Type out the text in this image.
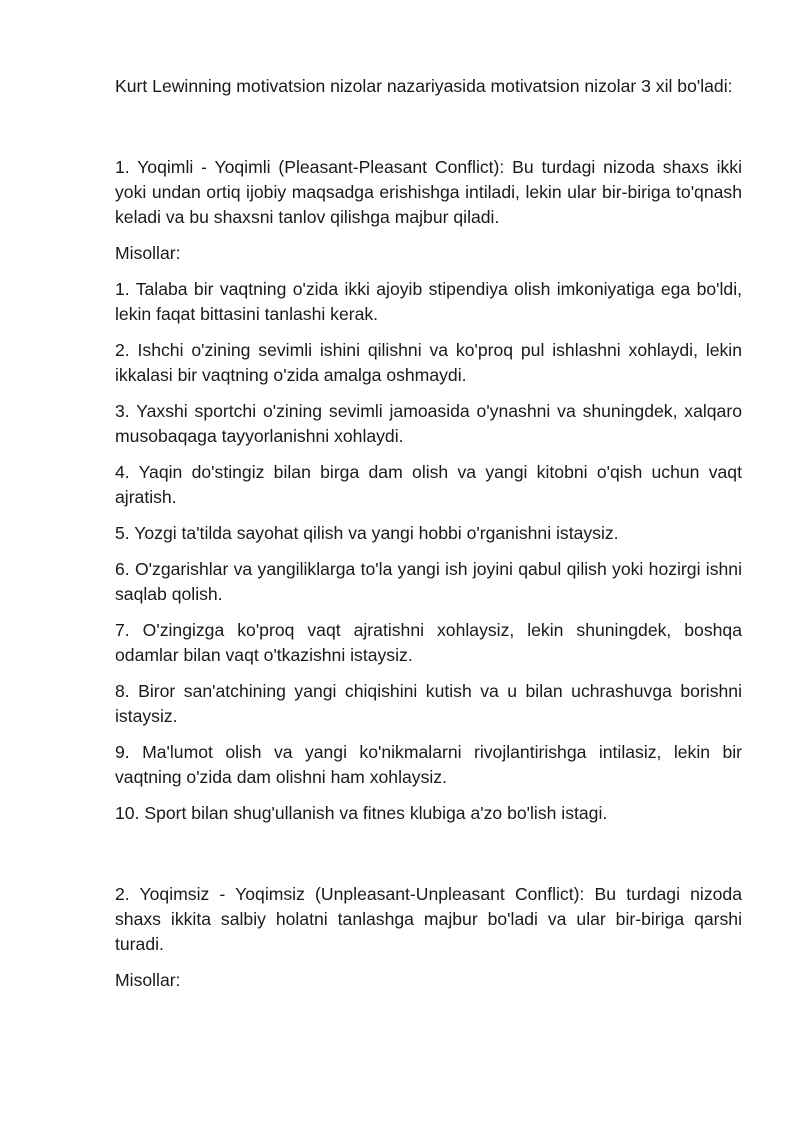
Kurt Lewinning motivatsion nizolar nazariyasida motivatsion nizolar 3 xil bo'ladi:

1. Yoqimli - Yoqimli (Pleasant-Pleasant Conflict): Bu turdagi nizoda shaxs ikki yoki undan ortiq ijobiy maqsadga erishishga intiladi, lekin ular bir-biriga to'qnash keladi va bu shaxsni tanlov qilishga majbur qiladi.

Misollar:

1. Talaba bir vaqtning o'zida ikki ajoyib stipendiya olish imkoniyatiga ega bo'ldi, lekin faqat bittasini tanlashi kerak.

2. Ishchi o'zining sevimli ishini qilishni va ko'proq pul ishlashni xohlaydi, lekin ikkalasi bir vaqtning o'zida amalga oshmaydi.

3. Yaxshi sportchi o'zining sevimli jamoasida o'ynashni va shuningdek, xalqaro musobaqaga tayyorlanishni xohlaydi.

4. Yaqin do'stingiz bilan birga dam olish va yangi kitobni o'qish uchun vaqt ajratish.

5. Yozgi ta'tilda sayohat qilish va yangi hobbi o'rganishni istaysiz.

6. O'zgarishlar va yangiliklarga to'la yangi ish joyini qabul qilish yoki hozirgi ishni saqlab qolish.

7. O'zingizga ko'proq vaqt ajratishni xohlaysiz, lekin shuningdek, boshqa odamlar bilan vaqt o'tkazishni istaysiz.

8. Biror san'atchining yangi chiqishini kutish va u bilan uchrashuvga borishni istaysiz.

9. Ma'lumot olish va yangi ko'nikmalarni rivojlantirishga intilasiz, lekin bir vaqtning o'zida dam olishni ham xohlaysiz.

10. Sport bilan shug'ullanish va fitnes klubiga a'zo bo'lish istagi.

2. Yoqimsiz - Yoqimsiz (Unpleasant-Unpleasant Conflict): Bu turdagi nizoda shaxs ikkita salbiy holatni tanlashga majbur bo'ladi va ular bir-biriga qarshi turadi.

Misollar:
